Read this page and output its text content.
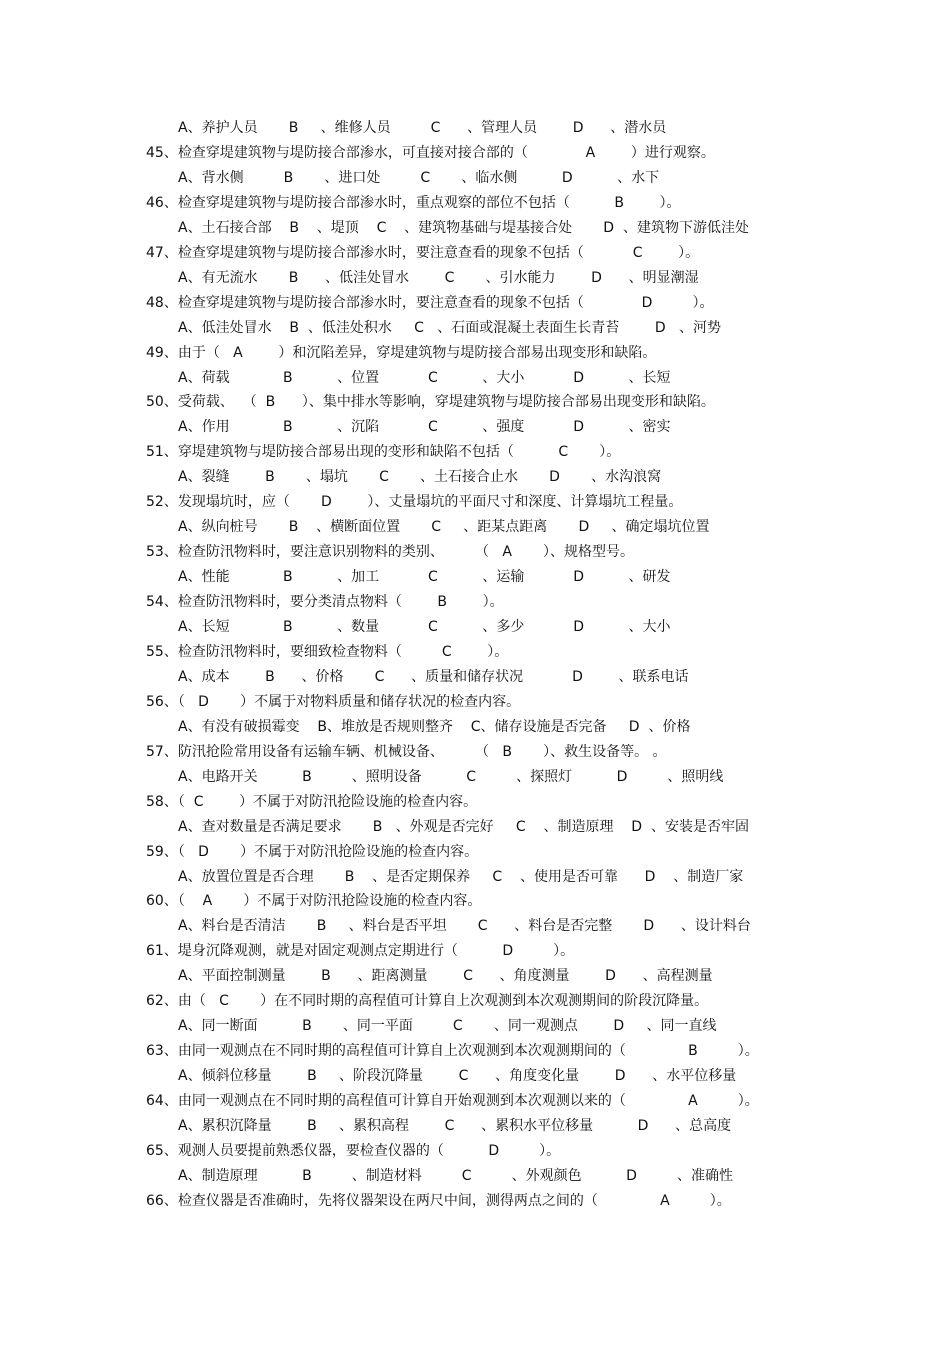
A、养护人员       B     、维修人员         C      、管理人员        D      、潜水员
45、检查穿堤建筑物与堤防接合部渗水，可直接对接合部的（             A        ）进行观察。
A、背水侧         B       、进口处         C       、临水侧          D          、水下
46、检查穿堤建筑物与堤防接合部渗水时，重点观察的部位不包括（          B        ）。
A、土石接合部    B    、堤顶    C    、建筑物基础与堤基接合处       D  、建筑物下游低洼处
47、检查穿堤建筑物与堤防接合部渗水时，要注意查看的现象不包括（           C        ）。
A、有无流水       B      、低洼处冒水        C       、引水能力        D      、明显潮湿
48、检查穿堤建筑物与堤防接合部渗水时，要注意查看的现象不包括（             D         ）。
A、低洼处冒水    B  、低洼处积水     C   、石面或混凝土表面生长青苔        D   、河势
49、由于（   A        ）和沉陷差异，穿堤建筑物与堤防接合部易出现变形和缺陷。
A、荷载            B          、位置           C          、大小           D          、长短
50、受荷载、  （  B      ）、集中排水等影响，穿堤建筑物与堤防接合部易出现变形和缺陷。
A、作用            B          、沉陷           C          、强度           D          、密实
51、穿堤建筑物与堤防接合部易出现的变形和缺陷不包括（          C       ）。
A、裂缝        B       、塌坑       C       、土石接合止水       D       、水沟浪窝
52、发现塌坑时，应（       D        ）、丈量塌坑的平面尺寸和深度、计算塌坑工程量。
A、纵向桩号       B    、横断面位置       C     、距某点距离       D     、确定塌坑位置
53、检查防汛物料时，要注意识别物料的类别、       （   A       ）、规格型号。
A、性能            B          、加工           C          、运输           D          、研发
54、检查防汛物料时，要分类清点物料（        B        ）。
A、长短            B          、数量           C          、多少           D          、大小
55、检查防汛物料时，要细致检查物料（         C        ）。
A、成本        B      、价格       C      、质量和储存状况           D        、联系电话
56、（   D       ）不属于对物料质量和储存状况的检查内容。
A、有没有破损霉变    B、堆放是否规则整齐    C、储存设施是否完备     D  、价格
57、防汛抢险常用设备有运输车辆、机械设备、       （   B       ）、救生设备等。 。
A、电路开关          B         、照明设备          C         、探照灯          D         、照明线
58、（  C        ）不属于对防汛抢险设施的检查内容。
A、查对数量是否满足要求       B   、外观是否完好     C    、制造原理    D  、安装是否牢固
59、（   D       ）不属于对防汛抢险设施的检查内容。
A、放置位置是否合理       B    、是否定期保养     C    、使用是否可靠      D    、制造厂家
60、（    A       ）不属于对防汛抢险设施的检查内容。
A、料台是否清洁       B     、料台是否平坦       C      、料台是否完整       D      、设计料台
61、堤身沉降观测，就是对固定观测点定期进行（          D         ）。
A、平面控制测量        B      、距离测量        C      、角度测量        D      、高程测量
62、由（   C       ）在不同时期的高程值可计算自上次观测到本次观测期间的阶段沉降量。
A、同一断面          B       、同一平面         C       、同一观测点        D     、同一直线
63、由同一观测点在不同时期的高程值可计算自上次观测到本次观测期间的（              B         ）。
A、倾斜位移量        B     、阶段沉降量        C      、角度变化量        D      、水平位移量
64、由同一观测点在不同时期的高程值可计算自开始观测到本次观测以来的（              A         ）。
A、累积沉降量        B     、累积高程        C      、累积水平位移量          D      、总高度
65、观测人员要提前熟悉仪器，要检查仪器的（          D         ）。
A、制造原理          B         、制造材料         C         、外观颜色          D         、准确性
66、检查仪器是否准确时，先将仪器架设在两尺中间，测得两点之间的（              A         ）。
